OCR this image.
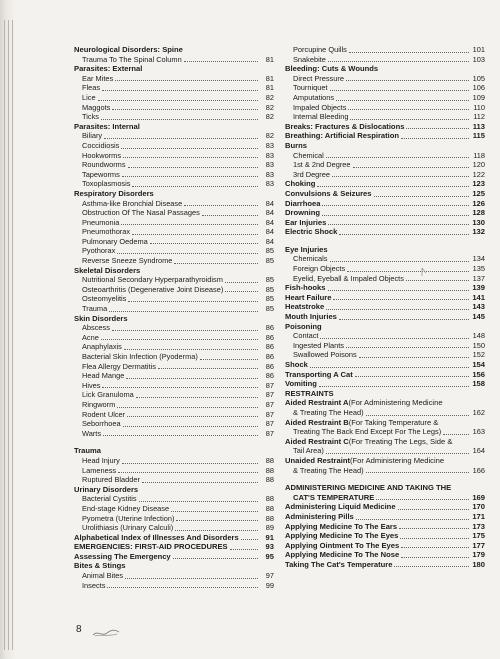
Neurological Disorders: Spine
Trauma To The Spinal Column	81
Parasites: External
Ear Mites	81
Fleas	81
Lice	82
Maggots	82
Ticks	82
Parasites: Internal
Biliary	82
Coccidiosis	83
Hookworms	83
Roundworms	83
Tapeworms	83
Toxoplasmosis	83
Respiratory Disorders
Asthma-like Bronchial Disease	84
Obstruction Of The Nasal Passages	84
Pneumonia	84
Pneumothorax	84
Pulmonary Oedema	84
Pyothorax	85
Reverse Sneeze Syndrome	85
Skeletal Disorders
Nutritional Secondary Hyperparathyroidism	85
Osteoarthritis (Degenerative Joint Disease)	85
Osteomyelitis	85
Trauma	85
Skin Disorders
Abscess	86
Acne	86
Anaphylaxis	86
Bacterial Skin Infection (Pyoderma)	86
Flea Allergy Dermatitis	86
Head Mange	86
Hives	87
Lick Granuloma	87
Ringworm	87
Rodent Ulcer	87
Seborrhoea	87
Warts	87
Trauma
Head Injury	88
Lameness	88
Ruptured Bladder	88
Urinary Disorders
Bacterial Cystitis	88
End-stage Kidney Disease	88
Pyometra (Uterine Infection)	88
Urolithiasis (Urinary Calculi)	89
Alphabetical Index of Illnesses And Disorders	91
EMERGENCIES: FIRST-AID PROCEDURES	93
Assessing The Emergency	95
Bites & Stings
Animal Bites	97
Insects	99
Porcupine Quills	101
Snakebite	103
Bleeding: Cuts & Wounds
Direct Pressure	105
Tourniquet	106
Amputations	109
Impaled Objects	110
Internal Bleeding	112
Breaks: Fractures & Dislocations	113
Breathing: Artificial Respiration	115
Burns
Chemical	118
1st & 2nd Degree	120
3rd Degree	122
Choking	123
Convulsions & Seizures	125
Diarrhoea	126
Drowning	128
Ear Injuries	130
Electric Shock	132
Eye Injuries
Chemicals	134
Foreign Objects	135
Eyelid, Eyeball & Impaled Objects	137
Fish-hooks	139
Heart Failure	141
Heatstroke	143
Mouth Injuries	145
Poisoning
Contact	148
Ingested Plants	150
Swallowed Poisons	152
Shock	154
Transporting A Cat	156
Vomiting	158
RESTRAINTS
Aided Restraint A (For Administering Medicine
& Treating The Head)	162
Aided Restraint B (For Taking Temperature &
Treating The Back End Except For The Legs)	163
Aided Restraint C (For Treating The Legs, Side &
Tail Area)	164
Unaided Restraint (For Administering Medicine
& Treating The Head)	166
ADMINISTERING MEDICINE AND TAKING THE
CAT'S TEMPERATURE	169
Administering Liquid Medicine	170
Administering Pills	171
Applying Medicine To The Ears	173
Applying Medicine To The Eyes	175
Applying Ointment To The Eyes	177
Applying Medicine To The Nose	179
Taking The Cat's Temperature	180
8
